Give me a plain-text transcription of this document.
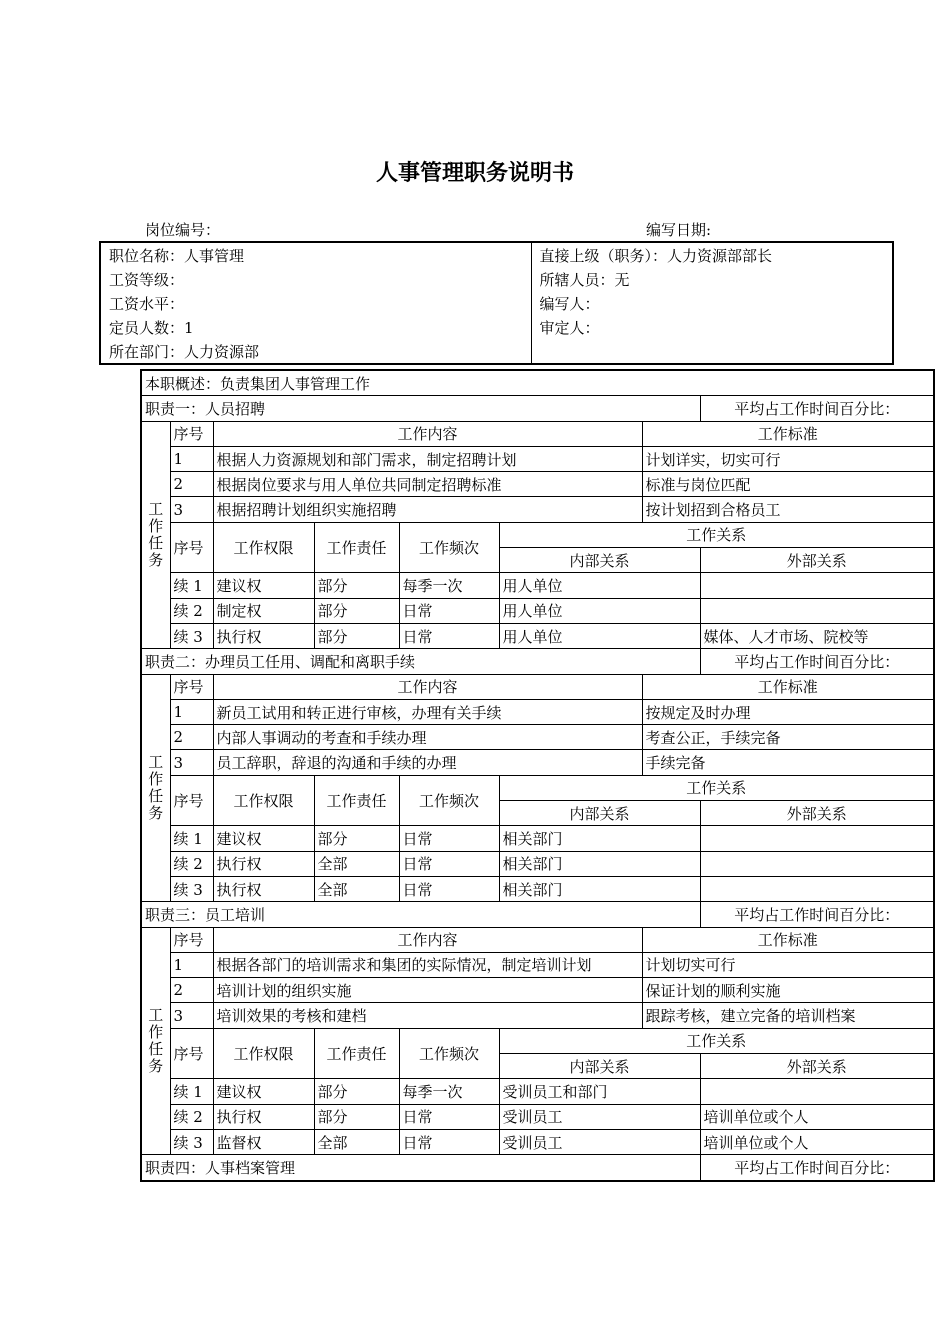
人事管理职务说明书
岗位编号：	编写日期:
职位名称：人事管理	直接上级（职务）：人力资源部部长
工资等级：	所辖人员：无
工资水平：	编写人：
定员人数：1	审定人：
所在部门：人力资源部	
本职概述：负责集团人事管理工作							
职责一：人员招聘							平均占工作时间百分比：

工
作
任
务	序号	工作内容				工作标准	
	1	根据人力资源规划和部门需求，制定招聘计划				计划详实，切实可行	
	2	根据岗位要求与用人单位共同制定招聘标准				标准与岗位匹配	
	3	根据招聘计划组织实施招聘				按计划招到合格员工	
	序号	工作权限	工作责任	工作频次	工作关系		
					内部关系		外部关系
	续 1	建议权	部分	每季一次	用人单位		
	续 2	制定权	部分	日常	用人单位		
	续 3	执行权	部分	日常	用人单位		媒体、人才市场、院校等
职责二：办理员工任用、调配和离职手续							平均占工作时间百分比：

工
作
任
务	序号	工作内容				工作标准	
	1	新员工试用和转正进行审核，办理有关手续				按规定及时办理	
	2	内部人事调动的考查和手续办理				考查公正，手续完备	
	3	员工辞职，辞退的沟通和手续的办理				手续完备	
	序号	工作权限	工作责任	工作频次	工作关系		
					内部关系		外部关系
	续 1	建议权	部分	日常	相关部门		
	续 2	执行权	全部	日常	相关部门		
	续 3	执行权	全部	日常	相关部门		
职责三：员工培训							平均占工作时间百分比：

工
作
任
务	序号	工作内容				工作标准	
	1	根据各部门的培训需求和集团的实际情况，制定培训计划				计划切实可行	
	2	培训计划的组织实施				保证计划的顺利实施	
	3	培训效果的考核和建档				跟踪考核，建立完备的培训档案	
	序号	工作权限	工作责任	工作频次	工作关系		
					内部关系		外部关系
	续 1	建议权	部分	每季一次	受训员工和部门		
	续 2	执行权	部分	日常	受训员工		培训单位或个人
	续 3	监督权	全部	日常	受训员工		培训单位或个人
职责四：人事档案管理							平均占工作时间百分比：
